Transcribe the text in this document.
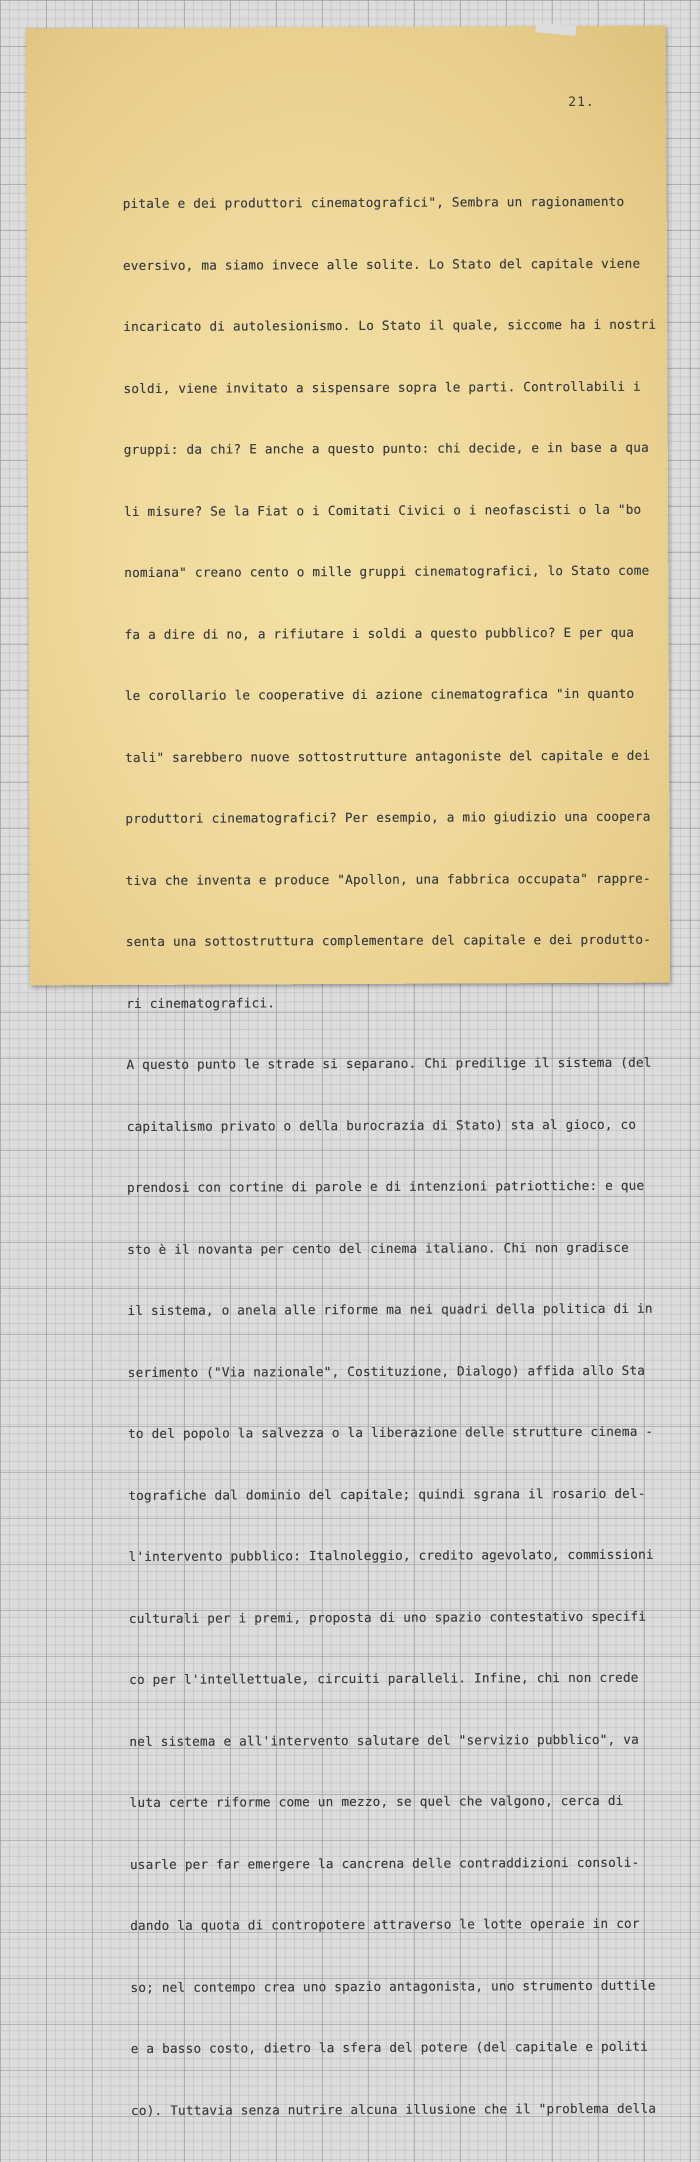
21.

pitale e dei produttori cinematografici", Sembra un ragionamento

eversivo, ma siamo invece alle solite. Lo Stato del capitale viene

incaricato di autolesionismo. Lo Stato il quale, siccome ha i nostri

soldi, viene invitato a sispensare sopra le parti. Controllabili i

gruppi: da chi? E anche a questo punto: chi decide, e in base a qua

li misure? Se la Fiat o i Comitati Civici o i neofascisti o la "bo

nomiana" creano cento o mille gruppi cinematografici, lo Stato come

fa a dire di no, a rifiutare i soldi a questo pubblico? E per qua

le corollario le cooperative di azione cinematografica "in quanto

tali" sarebbero nuove sottostrutture antagoniste del capitale e dei

produttori cinematografici? Per esempio, a mio giudizio una coopera

tiva che inventa e produce "Apollon, una fabbrica occupata" rappre-

senta una sottostruttura complementare del capitale e dei produtto-

ri cinematografici.

A questo punto le strade si separano. Chi predilige il sistema (del

capitalismo privato o della burocrazia di Stato) sta al gioco, co

prendosi con cortine di parole e di intenzioni patriottiche: e que

sto è il novanta per cento del cinema italiano. Chi non gradisce

il sistema, o anela alle riforme ma nei quadri della politica di in

serimento ("Via nazionale", Costituzione, Dialogo) affida allo Sta

to del popolo la salvezza o la liberazione delle strutture cinema -

tografiche dal dominio del capitale; quindi sgrana il rosario del-

l'intervento pubblico: Italnoleggio, credito agevolato, commissioni

culturali per i premi, proposta di uno spazio contestativo specifi

co per l'intellettuale, circuiti paralleli. Infine, chi non crede

nel sistema e all'intervento salutare del "servizio pubblico", va

luta certe riforme come un mezzo, se quel che valgono, cerca di

usarle per far emergere la cancrena delle contraddizioni consoli-

dando la quota di contropotere attraverso le lotte operaie in cor

so; nel contempo crea uno spazio antagonista, uno strumento duttile

e a basso costo, dietro la sfera del potere (del capitale e politi

co). Tuttavia senza nutrire alcuna illusione che il "problema della
